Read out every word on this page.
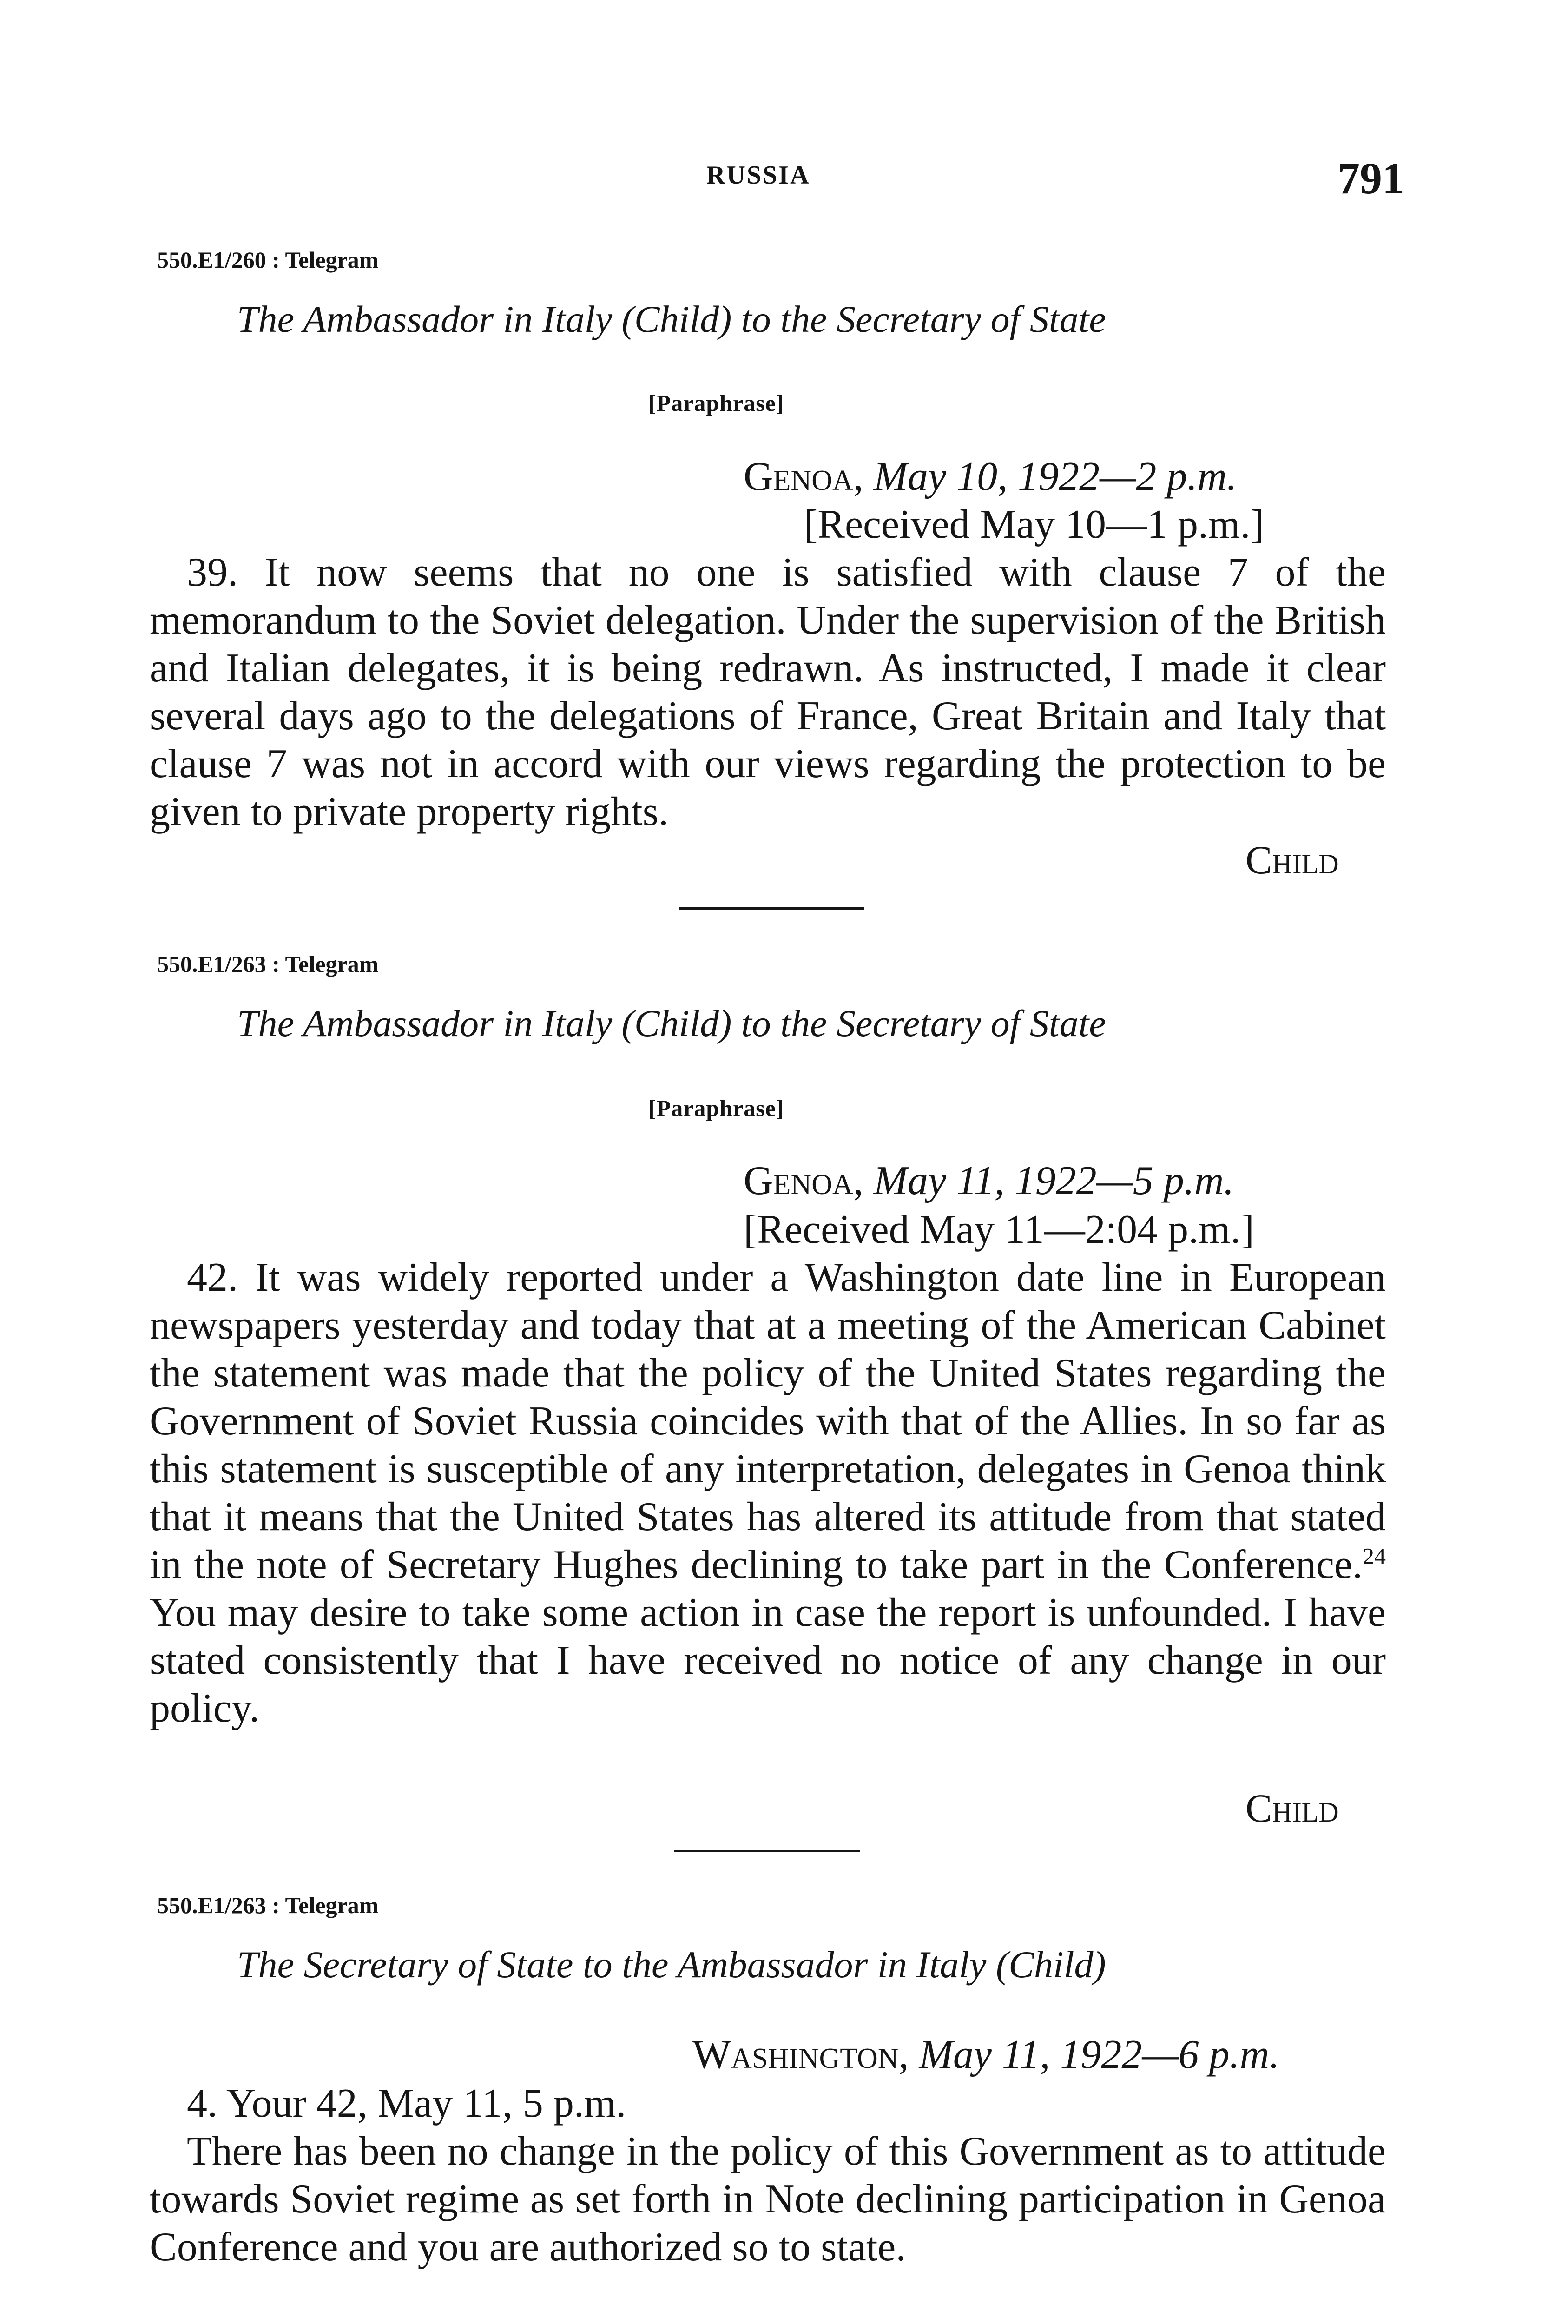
RUSSIA	791
550.E1/260 : Telegram
The Ambassador in Italy (Child) to the Secretary of State
[Paraphrase]
Genoa, May 10, 1922—2 p.m.
[Received May 10—1 p.m.]
39. It now seems that no one is satisfied with clause 7 of the memorandum to the Soviet delegation. Under the supervision of the British and Italian delegates, it is being redrawn. As instructed, I made it clear several days ago to the delegations of France, Great Britain and Italy that clause 7 was not in accord with our views regarding the protection to be given to private property rights.
Child
550.E1/263 : Telegram
The Ambassador in Italy (Child) to the Secretary of State
[Paraphrase]
Genoa, May 11, 1922—5 p.m.
[Received May 11—2:04 p.m.]
42. It was widely reported under a Washington date line in European newspapers yesterday and today that at a meeting of the American Cabinet the statement was made that the policy of the United States regarding the Government of Soviet Russia coincides with that of the Allies. In so far as this statement is susceptible of any interpretation, delegates in Genoa think that it means that the United States has altered its attitude from that stated in the note of Secretary Hughes declining to take part in the Conference.$^{24}$ You may desire to take some action in case the report is unfounded. I have stated consistently that I have received no notice of any change in our policy.
Child
550.E1/263 : Telegram
The Secretary of State to the Ambassador in Italy (Child)
Washington, May 11, 1922—6 p.m.
4. Your 42, May 11, 5 p.m.
There has been no change in the policy of this Government as to attitude towards Soviet regime as set forth in Note declining participation in Genoa Conference and you are authorized so to state.
